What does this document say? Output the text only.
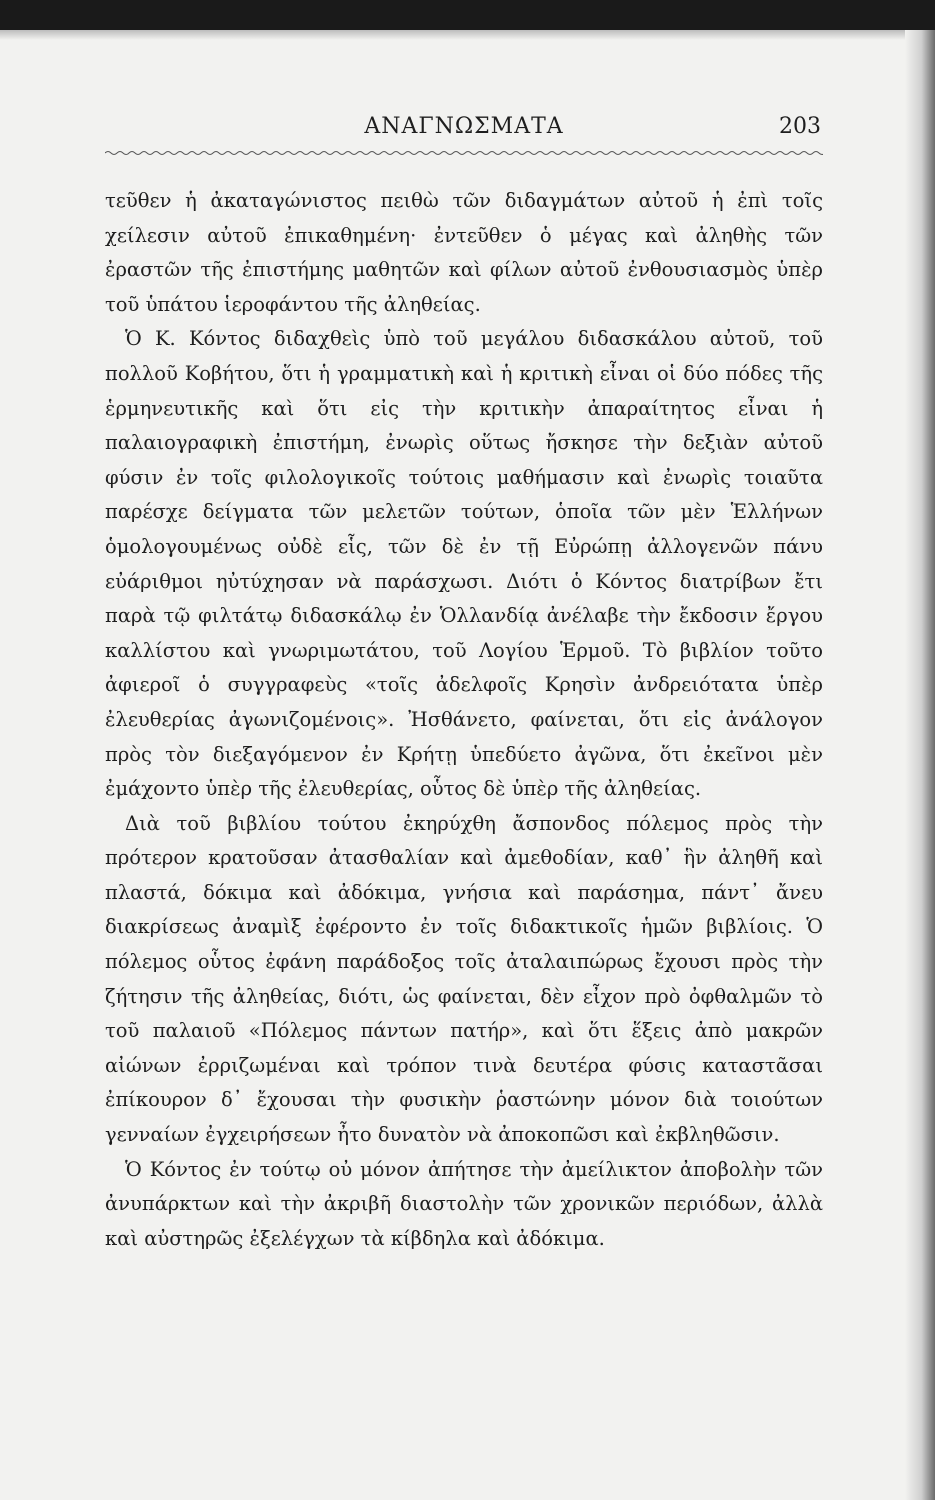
ΑΝΑΓΝΩΣΜΑΤΑ	203

τεῦθεν ἡ ἀκαταγώνιστος πειθὼ τῶν διδαγμάτων αὐτοῦ ἡ ἐπὶ τοῖς χείλεσιν αὐτοῦ ἐπικαθημένη· ἐντεῦθεν ὁ μέγας καὶ ἀληθὴς τῶν ἐραστῶν τῆς ἐπιστήμης μαθητῶν καὶ φίλων αὐτοῦ ἐνθουσιασμὸς ὑπὲρ τοῦ ὑπάτου ἱεροφάντου τῆς ἀληθείας.

Ὁ Κ. Κόντος διδαχθεὶς ὑπὸ τοῦ μεγάλου διδασκάλου αὐτοῦ, τοῦ πολλοῦ Κοβήτου, ὅτι ἡ γραμματικὴ καὶ ἡ κριτικὴ εἶναι οἱ δύο πόδες τῆς ἑρμηνευτικῆς καὶ ὅτι εἰς τὴν κριτικὴν ἀπαραίτητος εἶναι ἡ παλαιογραφικὴ ἐπιστήμη, ἐνωρὶς οὕτως ἤσκησε τὴν δεξιὰν αὐτοῦ φύσιν ἐν τοῖς φιλολογικοῖς τούτοις μαθήμασιν καὶ ἐνωρὶς τοιαῦτα παρέσχε δείγματα τῶν μελετῶν τούτων, ὁποῖα τῶν μὲν Ἑλλήνων ὁμολογουμένως οὐδὲ εἷς, τῶν δὲ ἐν τῇ Εὐρώπῃ ἀλλογενῶν πάνυ εὐάριθμοι ηὐτύχησαν νὰ παράσχωσι. Διότι ὁ Κόντος διατρίβων ἔτι παρὰ τῷ φιλτάτῳ διδασκάλῳ ἐν Ὁλλανδίᾳ ἀνέλαβε τὴν ἔκδοσιν ἔργου καλλίστου καὶ γνωριμωτάτου, τοῦ Λογίου Ἑρμοῦ. Τὸ βιβλίον τοῦτο ἀφιεροῖ ὁ συγγραφεὺς «τοῖς ἀδελφοῖς Κρησὶν ἀνδρειότατα ὑπὲρ ἐλευθερίας ἀγωνιζομένοις». Ἠσθάνετο, φαίνεται, ὅτι εἰς ἀνάλογον πρὸς τὸν διεξαγόμενον ἐν Κρήτῃ ὑπεδύετο ἀγῶνα, ὅτι ἐκεῖνοι μὲν ἐμάχοντο ὑπὲρ τῆς ἐλευθερίας, οὗτος δὲ ὑπὲρ τῆς ἀληθείας.

Διὰ τοῦ βιβλίου τούτου ἐκηρύχθη ἄσπονδος πόλεμος πρὸς τὴν πρότερον κρατοῦσαν ἀτασθαλίαν καὶ ἀμεθοδίαν, καθ᾽ ἣν ἀληθῆ καὶ πλαστά, δόκιμα καὶ ἀδόκιμα, γνήσια καὶ παράσημα, πάντ᾽ ἄνευ διακρίσεως ἀναμὶξ ἐφέροντο ἐν τοῖς διδακτικοῖς ἡμῶν βιβλίοις. Ὁ πόλεμος οὗτος ἐφάνη παράδοξος τοῖς ἀταλαιπώρως ἔχουσι πρὸς τὴν ζήτησιν τῆς ἀληθείας, διότι, ὡς φαίνεται, δὲν εἶχον πρὸ ὀφθαλμῶν τὸ τοῦ παλαιοῦ «Πόλεμος πάντων πατήρ», καὶ ὅτι ἕξεις ἀπὸ μακρῶν αἰώνων ἐρριζωμέναι καὶ τρόπον τινὰ δευτέρα φύσις καταστᾶσαι ἐπίκουρον δ᾽ ἔχουσαι τὴν φυσικὴν ῥαστώνην μόνον διὰ τοιούτων γενναίων ἐγχειρήσεων ἦτο δυνατὸν νὰ ἀποκοπῶσι καὶ ἐκβληθῶσιν.

Ὁ Κόντος ἐν τούτῳ οὐ μόνον ἀπήτησε τὴν ἀμείλικτον ἀποβολὴν τῶν ἀνυπάρκτων καὶ τὴν ἀκριβῆ διαστολὴν τῶν χρονικῶν περιόδων, ἀλλὰ καὶ αὐστηρῶς ἐξελέγχων τὰ κίβδηλα καὶ ἀδόκιμα.
